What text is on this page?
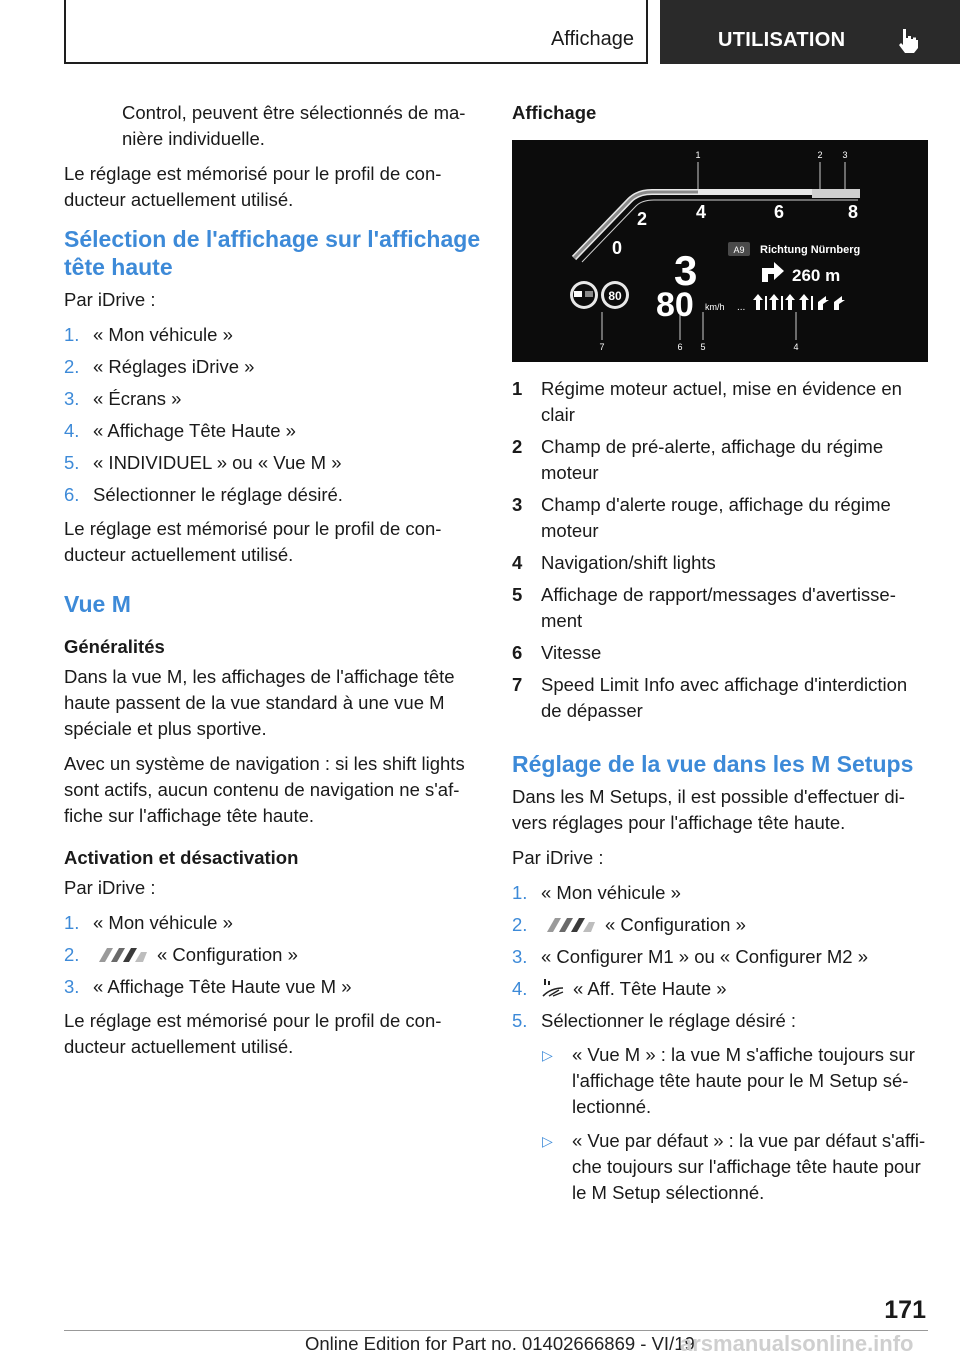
Affichage	UTILISATION

Control, peuvent être sélectionnés de ma-nière individuelle.

Le réglage est mémorisé pour le profil de con-ducteur actuellement utilisé.

Sélection de l'affichage sur l'affichage tête haute

Par iDrive :

1. « Mon véhicule »
2. « Réglages iDrive »
3. « Écrans »
4. « Affichage Tête Haute »
5. « INDIVIDUEL » ou « Vue M »
6. Sélectionner le réglage désiré.

Le réglage est mémorisé pour le profil de con-ducteur actuellement utilisé.

Vue M
Généralités

Dans la vue M, les affichages de l'affichage tête haute passent de la vue standard à une vue M spéciale et plus sportive.

Avec un système de navigation : si les shift lights sont actifs, aucun contenu de navigation ne s'af-fiche sur l'affichage tête haute.

Activation et désactivation

Par iDrive :

1. « Mon véhicule »
2.	« Configuration »
3. « Affichage Tête Haute vue M »

Le réglage est mémorisé pour le profil de con-ducteur actuellement utilisé.

Affichage
1	2 3
7	6 5	4
0
2	4	6	8
3
80 km/h
80
A9 Richtung Nürnberg
260 m
...
1 Régime moteur actuel, mise en évidence en clair
2 Champ de pré-alerte, affichage du régime moteur
3 Champ d'alerte rouge, affichage du régime moteur
4 Navigation/shift lights
5 Affichage de rapport/messages d'avertisse-ment
6 Vitesse
7 Speed Limit Info avec affichage d'interdiction de dépasser
Réglage de la vue dans les M Setups

Dans les M Setups, il est possible d'effectuer di-vers réglages pour l'affichage tête haute.

Par iDrive :

1. « Mon véhicule »
2.	« Configuration »
3. « Configurer M1 » ou « Configurer M2 »
4. « Aff. Tête Haute »
5. Sélectionner le réglage désiré :
▷ « Vue M » : la vue M s'affiche toujours sur l'affichage tête haute pour le M Setup sé-lectionné.
▷ « Vue par défaut » : la vue par défaut s'affi-che toujours sur l'affichage tête haute pour le M Setup sélectionné.
171
Online Edition for Part no. 01402666869 - VI/19
arsmanualsonline.info
